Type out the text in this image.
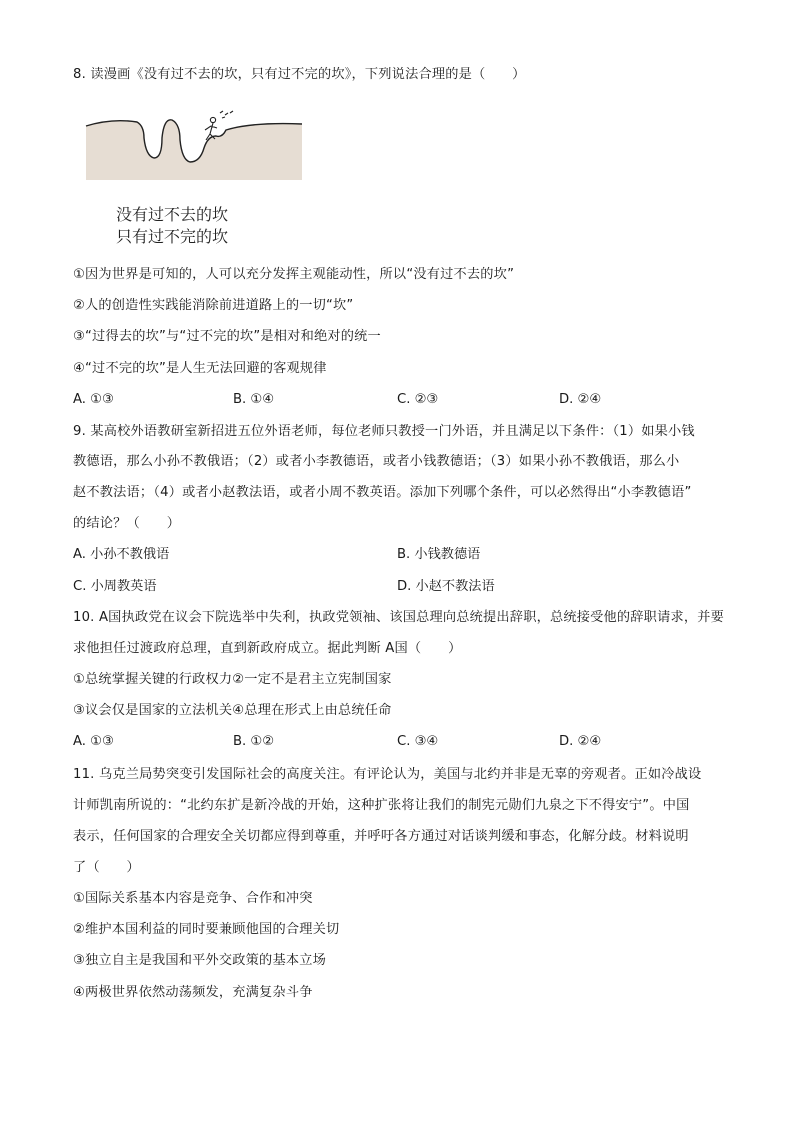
8. 读漫画《没有过不去的坎，只有过不完的坎》，下列说法合理的是（　　）
没有过不去的坎
只有过不完的坎
①因为世界是可知的，人可以充分发挥主观能动性，所以“没有过不去的坎”
②人的创造性实践能消除前进道路上的一切“坎”
③“过得去的坎”与“过不完的坎”是相对和绝对的统一
④“过不完的坎”是人生无法回避的客观规律
A. ①③	B. ①④	C. ②③	D. ②④
9. 某高校外语教研室新招进五位外语老师，每位老师只教授一门外语，并且满足以下条件：（1）如果小钱
教德语，那么小孙不教俄语；（2）或者小李教德语，或者小钱教德语；（3）如果小孙不教俄语，那么小
赵不教法语；（4）或者小赵教法语，或者小周不教英语。添加下列哪个条件，可以必然得出“小李教德语”
的结论？（　　）
A. 小孙不教俄语	B. 小钱教德语
C. 小周教英语	D. 小赵不教法语
10. A国执政党在议会下院选举中失利，执政党领袖、该国总理向总统提出辞职，总统接受他的辞职请求，并要
求他担任过渡政府总理，直到新政府成立。据此判断 A国（　　）
①总统掌握关键的行政权力②一定不是君主立宪制国家
③议会仅是国家的立法机关④总理在形式上由总统任命
A. ①③	B. ①②	C. ③④	D. ②④
11. 乌克兰局势突变引发国际社会的高度关注。有评论认为，美国与北约并非是无辜的旁观者。正如冷战设
计师凯南所说的：“北约东扩是新冷战的开始，这种扩张将让我们的制宪元勋们九泉之下不得安宁”。中国
表示，任何国家的合理安全关切都应得到尊重，并呼吁各方通过对话谈判缓和事态，化解分歧。材料说明
了（　　）
①国际关系基本内容是竞争、合作和冲突
②维护本国利益的同时要兼顾他国的合理关切
③独立自主是我国和平外交政策的基本立场
④两极世界依然动荡频发，充满复杂斗争
